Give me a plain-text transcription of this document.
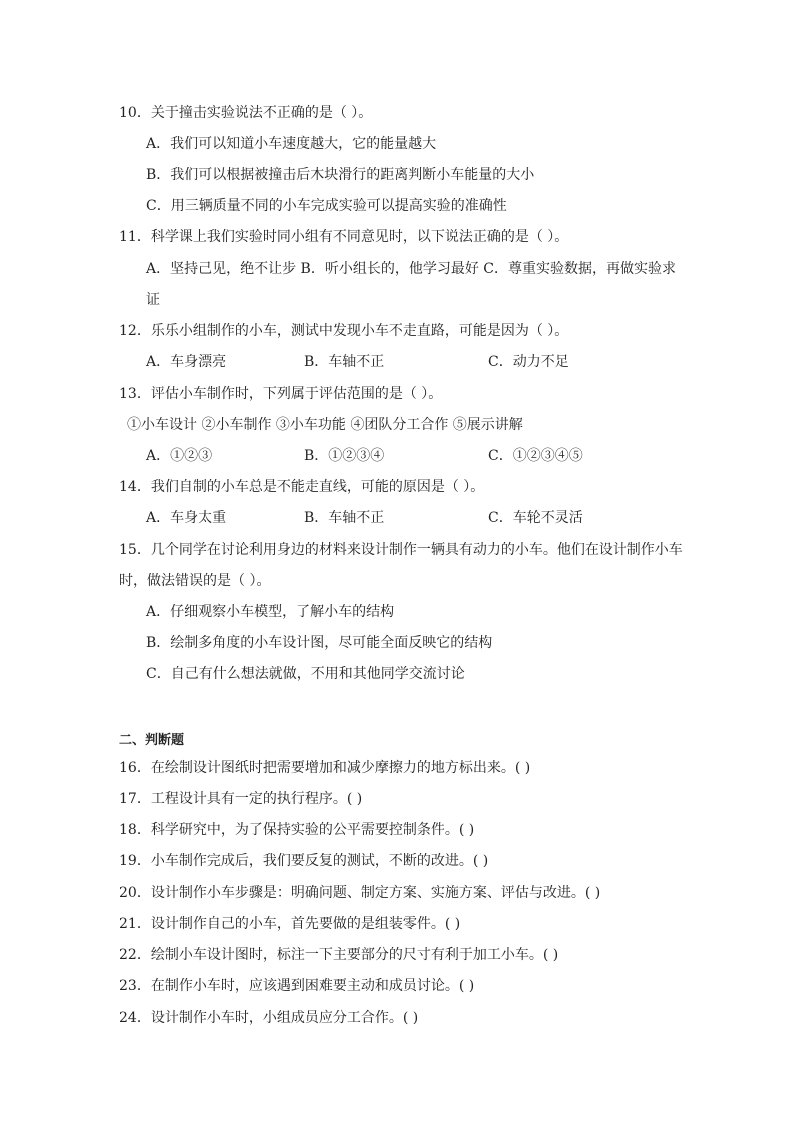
10．关于撞击实验说法不正确的是（ ）。
A．我们可以知道小车速度越大，它的能量越大
B．我们可以根据被撞击后木块滑行的距离判断小车能量的大小
C．用三辆质量不同的小车完成实验可以提高实验的准确性
11．科学课上我们实验时同小组有不同意见时，以下说法正确的是（ ）。
A．坚持己见，绝不让步 B．听小组长的，他学习最好 C．尊重实验数据，再做实验求
证
12．乐乐小组制作的小车，测试中发现小车不走直路，可能是因为（ ）。
A．车身漂亮	B．车轴不正	C．动力不足
13．评估小车制作时，下列属于评估范围的是（ ）。
①小车设计 ②小车制作 ③小车功能 ④团队分工合作 ⑤展示讲解
A．①②③	B．①②③④	C．①②③④⑤
14．我们自制的小车总是不能走直线，可能的原因是（ ）。
A．车身太重	B．车轴不正	C．车轮不灵活
15．几个同学在讨论利用身边的材料来设计制作一辆具有动力的小车。他们在设计制作小车
时，做法错误的是（ ）。
A．仔细观察小车模型，了解小车的结构
B．绘制多角度的小车设计图，尽可能全面反映它的结构
C．自己有什么想法就做，不用和其他同学交流讨论
二、判断题
16．在绘制设计图纸时把需要增加和减少摩擦力的地方标出来。( )
17．工程设计具有一定的执行程序。( )
18．科学研究中，为了保持实验的公平需要控制条件。( )
19．小车制作完成后，我们要反复的测试，不断的改进。( )
20．设计制作小车步骤是：明确问题、制定方案、实施方案、评估与改进。( )
21．设计制作自己的小车，首先要做的是组装零件。( )
22．绘制小车设计图时，标注一下主要部分的尺寸有利于加工小车。( )
23．在制作小车时，应该遇到困难要主动和成员讨论。( )
24．设计制作小车时，小组成员应分工合作。( )
